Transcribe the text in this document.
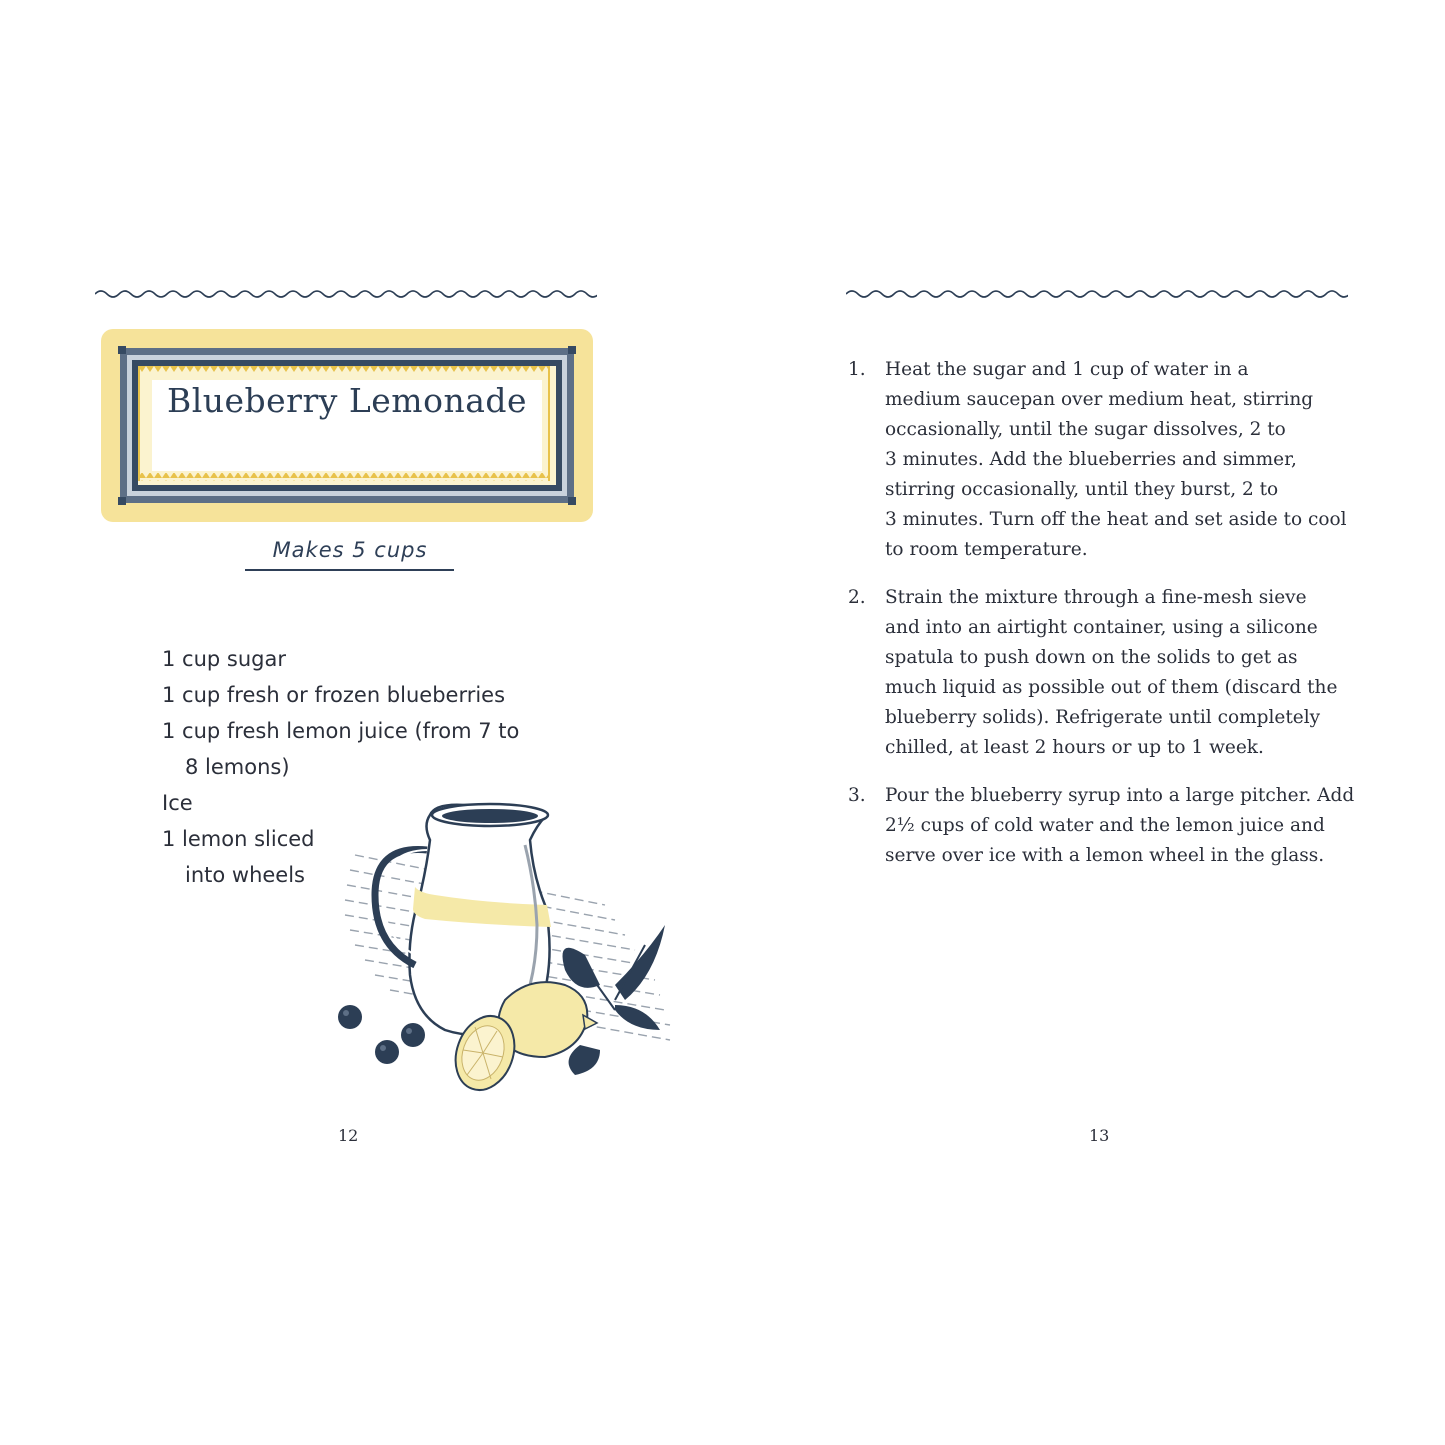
Blueberry Lemonade
Makes 5 cups
1 cup sugar
1 cup fresh or frozen blueberries
1 cup fresh lemon juice (from 7 to
8 lemons)
Ice
1 lemon sliced
into wheels
12	13
1. Heat the sugar and 1 cup of water in a
medium saucepan over medium heat, stirring
occasionally, until the sugar dissolves, 2 to
3 minutes. Add the blueberries and simmer,
stirring occasionally, until they burst, 2 to
3 minutes. Turn off the heat and set aside to cool
to room temperature.
2. Strain the mixture through a fine-mesh sieve
and into an airtight container, using a silicone
spatula to push down on the solids to get as
much liquid as possible out of them (discard the
blueberry solids). Refrigerate until completely
chilled, at least 2 hours or up to 1 week.
3. Pour the blueberry syrup into a large pitcher. Add
2½ cups of cold water and the lemon juice and
serve over ice with a lemon wheel in the glass.
